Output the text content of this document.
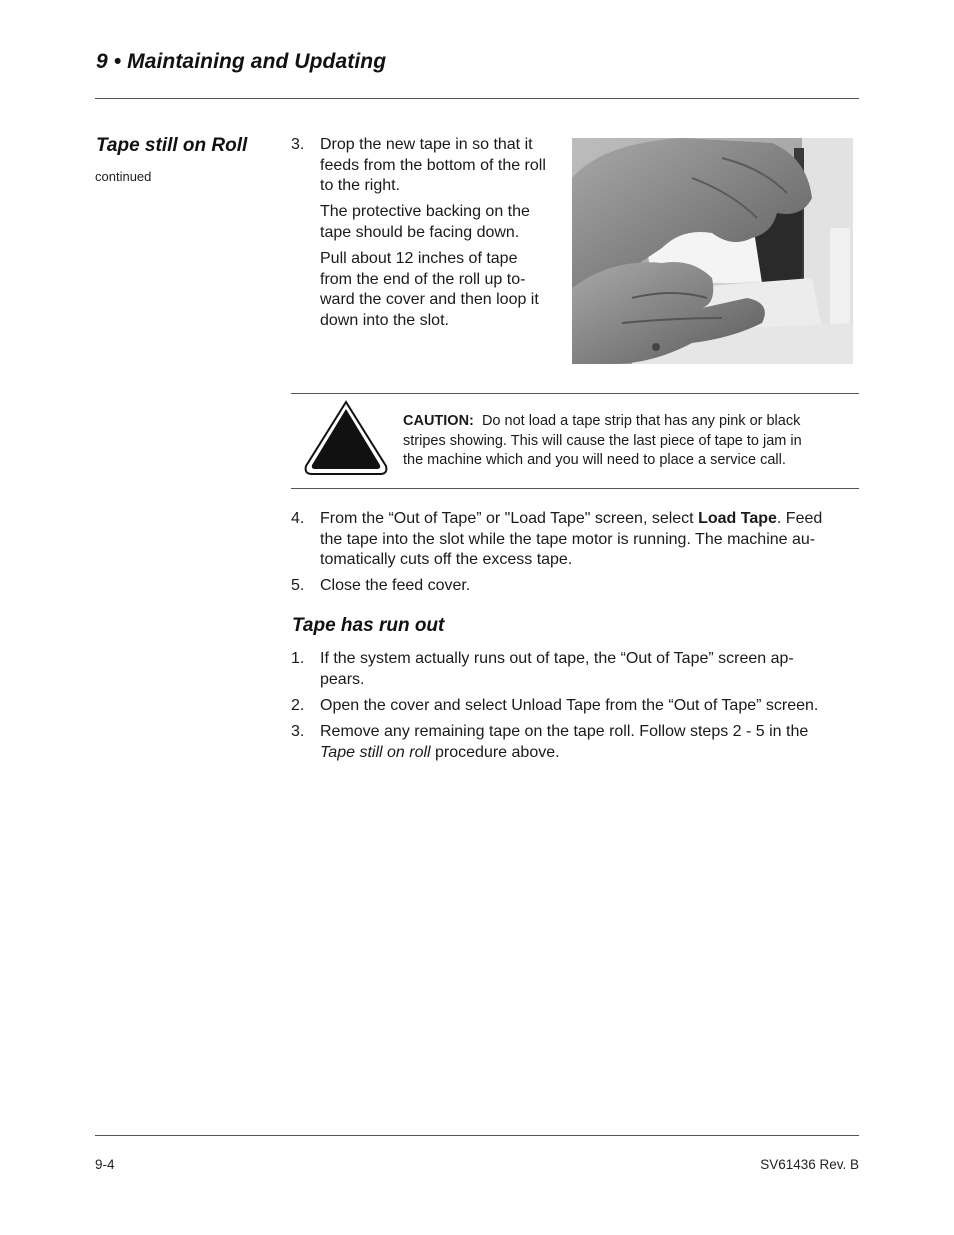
9 • Maintaining and Updating
Tape still on Roll
continued
3. Drop the new tape in so that it
feeds from the bottom of the roll
to the right.
The protective backing on the
tape should be facing down.
Pull about 12 inches of tape
from the end of the roll up to-
ward the cover and then loop it
down into the slot.
CAUTION: Do not load a tape strip that has any pink or black
stripes showing. This will cause the last piece of tape to jam in
the machine which and you will need to place a service call.
4. From the “Out of Tape” or "Load Tape" screen, select Load Tape. Feed
the tape into the slot while the tape motor is running. The machine au-
tomatically cuts off the excess tape.
5. Close the feed cover.
Tape has run out
1. If the system actually runs out of tape, the “Out of Tape” screen ap-
pears.
2. Open the cover and select Unload Tape from the “Out of Tape” screen.
3. Remove any remaining tape on the tape roll. Follow steps 2 - 5 in the
Tape still on roll procedure above.
9-4	SV61436 Rev. B
